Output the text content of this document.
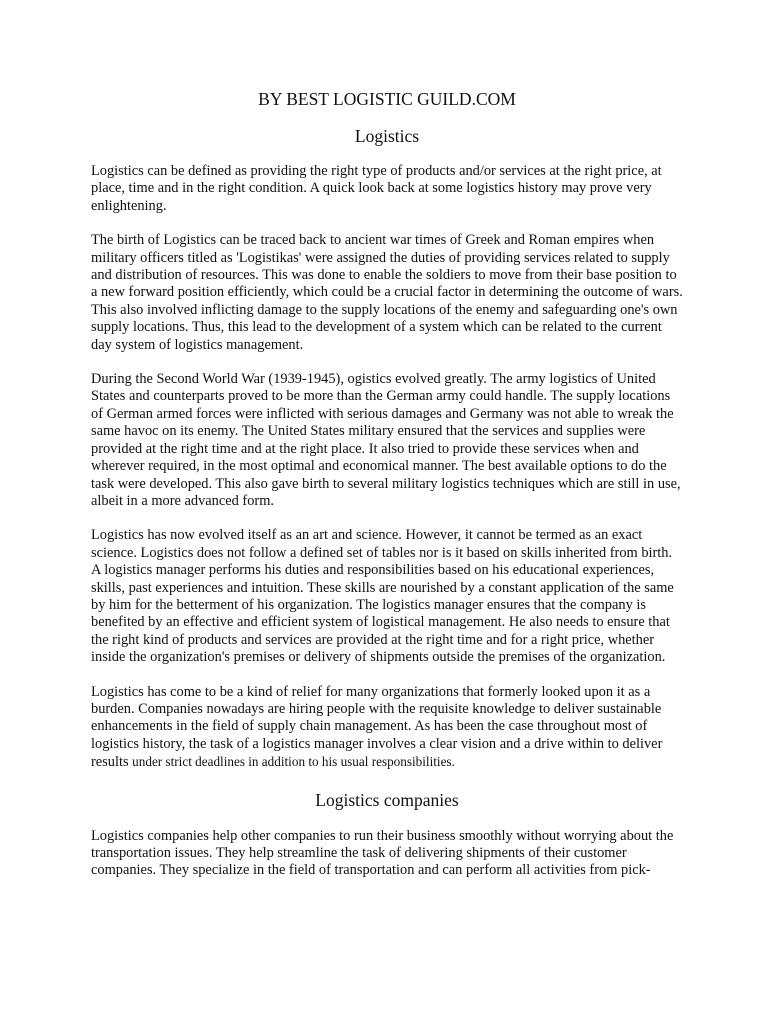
BY BEST LOGISTIC GUILD.COM
Logistics

Logistics can be defined as providing the right type of products and/or services at the right price, at place, time and in the right condition. A quick look back at some logistics history may prove very enlightening.

The birth of Logistics can be traced back to ancient war times of Greek and Roman empires when military officers titled as 'Logistikas' were assigned the duties of providing services related to supply and distribution of resources. This was done to enable the soldiers to move from their base position to a new forward position efficiently, which could be a crucial factor in determining the outcome of wars. This also involved inflicting damage to the supply locations of the enemy and safeguarding one's own supply locations. Thus, this lead to the development of a system which can be related to the current day system of logistics management.

During the Second World War (1939-1945), ogistics evolved greatly. The army logistics of United States and counterparts proved to be more than the German army could handle. The supply locations of German armed forces were inflicted with serious damages and Germany was not able to wreak the same havoc on its enemy. The United States military ensured that the services and supplies were provided at the right time and at the right place. It also tried to provide these services when and wherever required, in the most optimal and economical manner. The best available options to do the task were developed. This also gave birth to several military logistics techniques which are still in use, albeit in a more advanced form.

Logistics has now evolved itself as an art and science. However, it cannot be termed as an exact science. Logistics does not follow a defined set of tables nor is it based on skills inherited from birth. A logistics manager performs his duties and responsibilities based on his educational experiences, skills, past experiences and intuition. These skills are nourished by a constant application of the same by him for the betterment of his organization. The logistics manager ensures that the company is benefited by an effective and efficient system of logistical management. He also needs to ensure that the right kind of products and services are provided at the right time and for a right price, whether inside the organization's premises or delivery of shipments outside the premises of the organization.

Logistics has come to be a kind of relief for many organizations that formerly looked upon it as a burden. Companies nowadays are hiring people with the requisite knowledge to deliver sustainable enhancements in the field of supply chain management. As has been the case throughout most of logistics history, the task of a logistics manager involves a clear vision and a drive within to deliver results under strict deadlines in addition to his usual responsibilities.

Logistics companies

Logistics companies help other companies to run their business smoothly without worrying about the transportation issues. They help streamline the task of delivering shipments of their customer companies. They specialize in the field of transportation and can perform all activities from pick-
